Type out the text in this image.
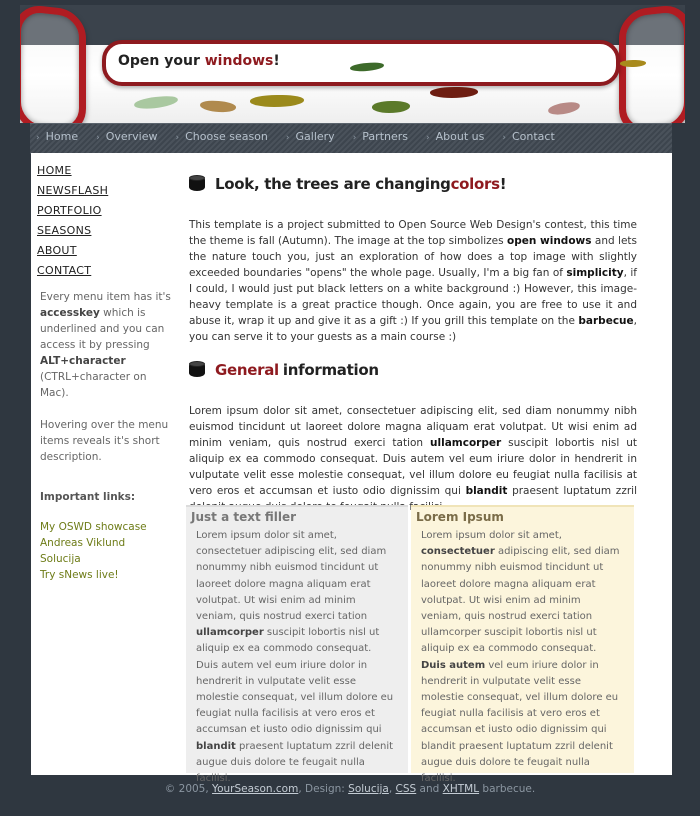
Open your windows!
› Home › Overview › Choose season › Gallery › Partners › About us › Contact
HOME
NEWSFLASH
PORTFOLIO
SEASONS
ABOUT
CONTACT
Every menu item has it's accesskey which is underlined and you can access it by pressing ALT+character (CTRL+character on Mac).
Hovering over the menu items reveals it's short description.
Important links:
My OSWD showcase
Andreas Viklund
Solucija
Try sNews live!
Look, the trees are changing colors !

This template is a project submitted to Open Source Web Design's contest, this time the theme is fall (Autumn). The image at the top simbolizes open windows and lets the nature touch you, just an exploration of how does a top image with slightly exceeded boundaries "opens" the whole page. Usually, I'm a big fan of simplicity, if I could, I would just put black letters on a white background :) However, this image-heavy template is a great practice though. Once again, you are free to use it and abuse it, wrap it up and give it as a gift :) If you grill this template on the barbecue, you can serve it to your guests as a main course :)

General information

Lorem ipsum dolor sit amet, consectetuer adipiscing elit, sed diam nonummy nibh euismod tincidunt ut laoreet dolore magna aliquam erat volutpat. Ut wisi enim ad minim veniam, quis nostrud exerci tation ullamcorper suscipit lobortis nisl ut aliquip ex ea commodo consequat. Duis autem vel eum iriure dolor in hendrerit in vulputate velit esse molestie consequat, vel illum dolore eu feugiat nulla facilisis at vero eros et accumsan et iusto odio dignissim qui blandit praesent luptatum zzril

Just a text filler

Lorem ipsum dolor sit amet, consectetuer adipiscing elit, sed diam nonummy nibh euismod tincidunt ut laoreet dolore magna aliquam erat volutpat. Ut wisi enim ad minim veniam, quis nostrud exerci tation ullamcorper suscipit lobortis nisl ut aliquip ex ea commodo consequat. Duis autem vel eum iriure dolor in hendrerit in vulputate velit esse molestie consequat, vel illum dolore eu feugiat nulla facilisis at vero eros et accumsan et iusto odio dignissim qui blandit praesent luptatum zzril delenit augue duis dolore te feugait nulla facilisi.

Lorem Ipsum

Lorem ipsum dolor sit amet, consectetuer adipiscing elit, sed diam nonummy nibh euismod tincidunt ut laoreet dolore magna aliquam erat volutpat. Ut wisi enim ad minim veniam, quis nostrud exerci tation ullamcorper suscipit lobortis nisl ut aliquip ex ea commodo consequat. Duis autem vel eum iriure dolor in hendrerit in vulputate velit esse molestie consequat, vel illum dolore eu feugiat nulla facilisis at vero eros et accumsan et iusto odio dignissim qui blandit praesent luptatum zzril delenit augue duis dolore te feugait nulla facilisi.

© 2005, YourSeason.com, Design: Solucija, CSS and XHTML barbecue.
